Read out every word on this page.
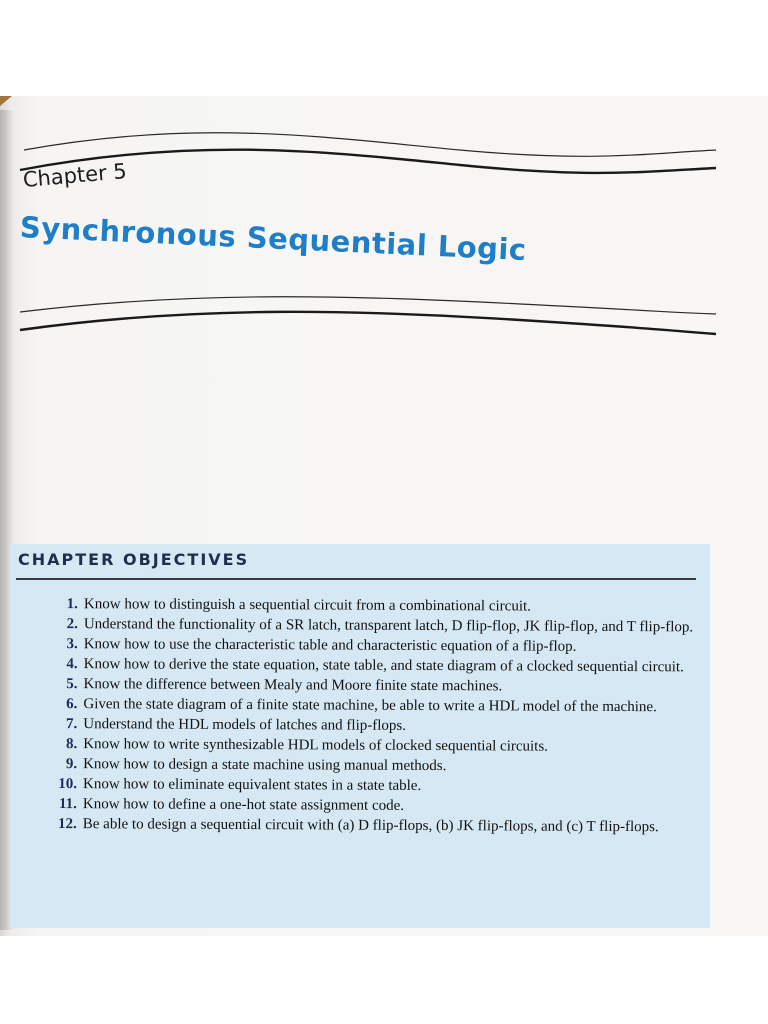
Chapter 5
Synchronous Sequential Logic
CHAPTER OBJECTIVES
1. Know how to distinguish a sequential circuit from a combinational circuit.
2. Understand the functionality of a SR latch, transparent latch, D flip-flop, JK flip-flop, and T flip-flop.
3. Know how to use the characteristic table and characteristic equation of a flip-flop.
4. Know how to derive the state equation, state table, and state diagram of a clocked sequential circuit.
5. Know the difference between Mealy and Moore finite state machines.
6. Given the state diagram of a finite state machine, be able to write a HDL model of the machine.
7. Understand the HDL models of latches and flip-flops.
8. Know how to write synthesizable HDL models of clocked sequential circuits.
9. Know how to design a state machine using manual methods.
10. Know how to eliminate equivalent states in a state table.
11. Know how to define a one-hot state assignment code.
12. Be able to design a sequential circuit with (a) D flip-flops, (b) JK flip-flops, and (c) T flip-flops.
